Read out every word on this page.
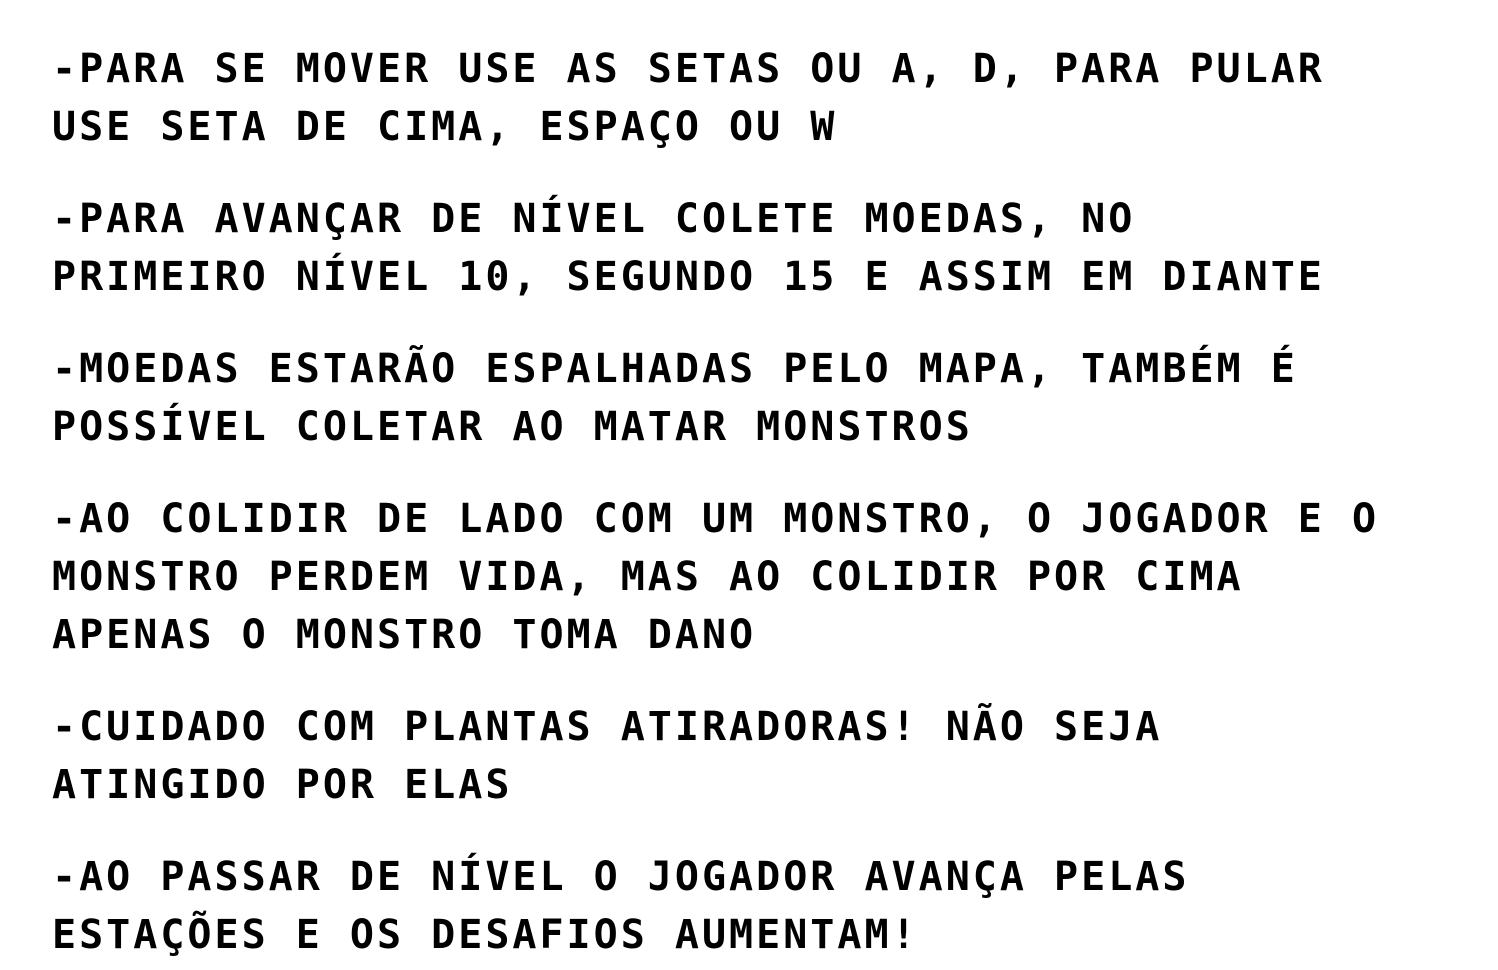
-PARA SE MOVER USE AS SETAS OU A, D, PARA PULAR
USE SETA DE CIMA, ESPAÇO OU W
-PARA AVANÇAR DE NÍVEL COLETE MOEDAS, NO
PRIMEIRO NÍVEL 10, SEGUNDO 15 E ASSIM EM DIANTE
-MOEDAS ESTARÃO ESPALHADAS PELO MAPA, TAMBÉM É
POSSÍVEL COLETAR AO MATAR MONSTROS
-AO COLIDIR DE LADO COM UM MONSTRO, O JOGADOR E O
MONSTRO PERDEM VIDA, MAS AO COLIDIR POR CIMA
APENAS O MONSTRO TOMA DANO
-CUIDADO COM PLANTAS ATIRADORAS! NÃO SEJA
ATINGIDO POR ELAS
-AO PASSAR DE NÍVEL O JOGADOR AVANÇA PELAS
ESTAÇÕES E OS DESAFIOS AUMENTAM!
